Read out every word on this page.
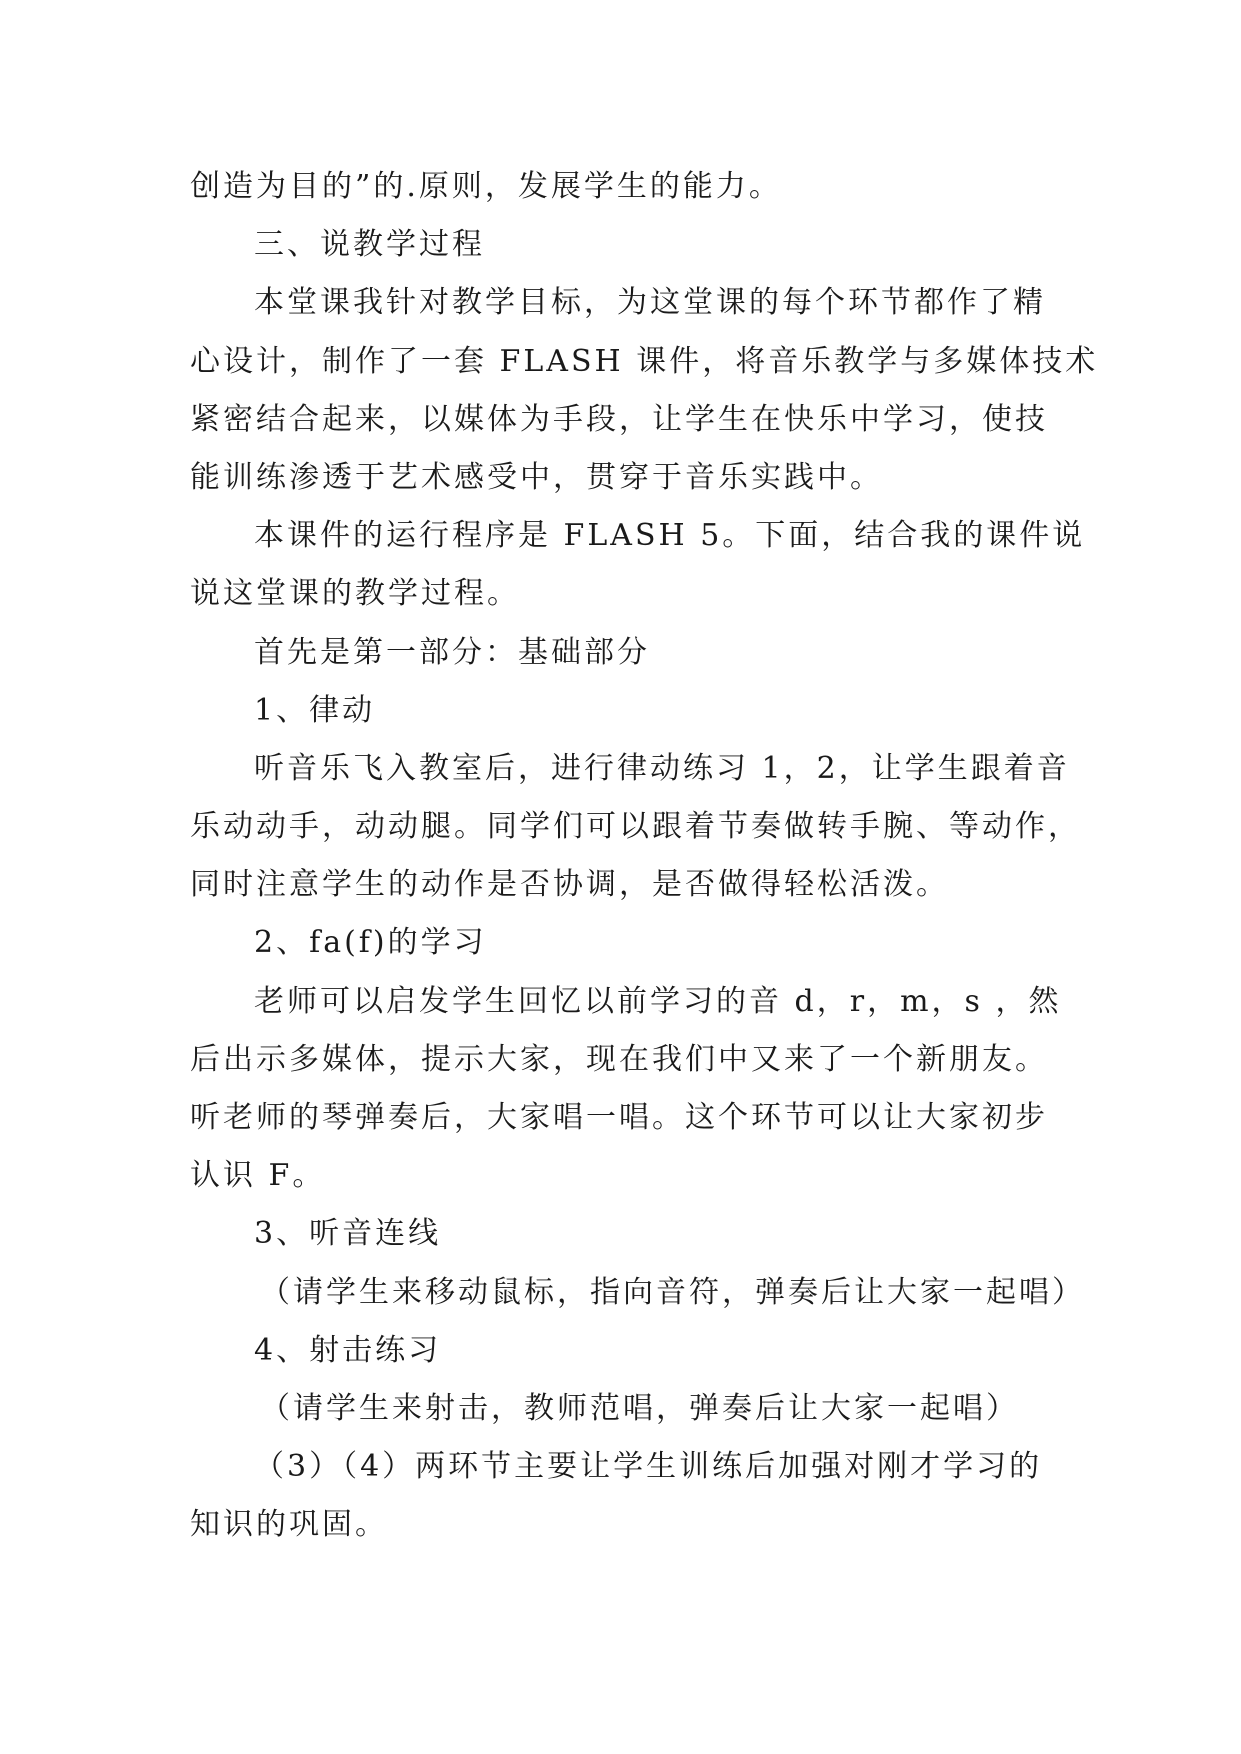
创造为目的”的.原则，发展学生的能力。
三、说教学过程
本堂课我针对教学目标，为这堂课的每个环节都作了精
心设计，制作了一套 FLASH 课件，将音乐教学与多媒体技术
紧密结合起来，以媒体为手段，让学生在快乐中学习，使技
能训练渗透于艺术感受中，贯穿于音乐实践中。
本课件的运行程序是 FLASH 5。下面，结合我的课件说
说这堂课的教学过程。
首先是第一部分：基础部分
1、律动
听音乐飞入教室后，进行律动练习 1，2，让学生跟着音
乐动动手，动动腿。同学们可以跟着节奏做转手腕、等动作，
同时注意学生的动作是否协调，是否做得轻松活泼。
2、fa(f)的学习
老师可以启发学生回忆以前学习的音 d，r，m，s ，然
后出示多媒体，提示大家，现在我们中又来了一个新朋友。
听老师的琴弹奏后，大家唱一唱。这个环节可以让大家初步
认识 F。
3、听音连线
（请学生来移动鼠标，指向音符，弹奏后让大家一起唱）
4、射击练习
（请学生来射击，教师范唱，弹奏后让大家一起唱）
（3）（4）两环节主要让学生训练后加强对刚才学习的
知识的巩固。
